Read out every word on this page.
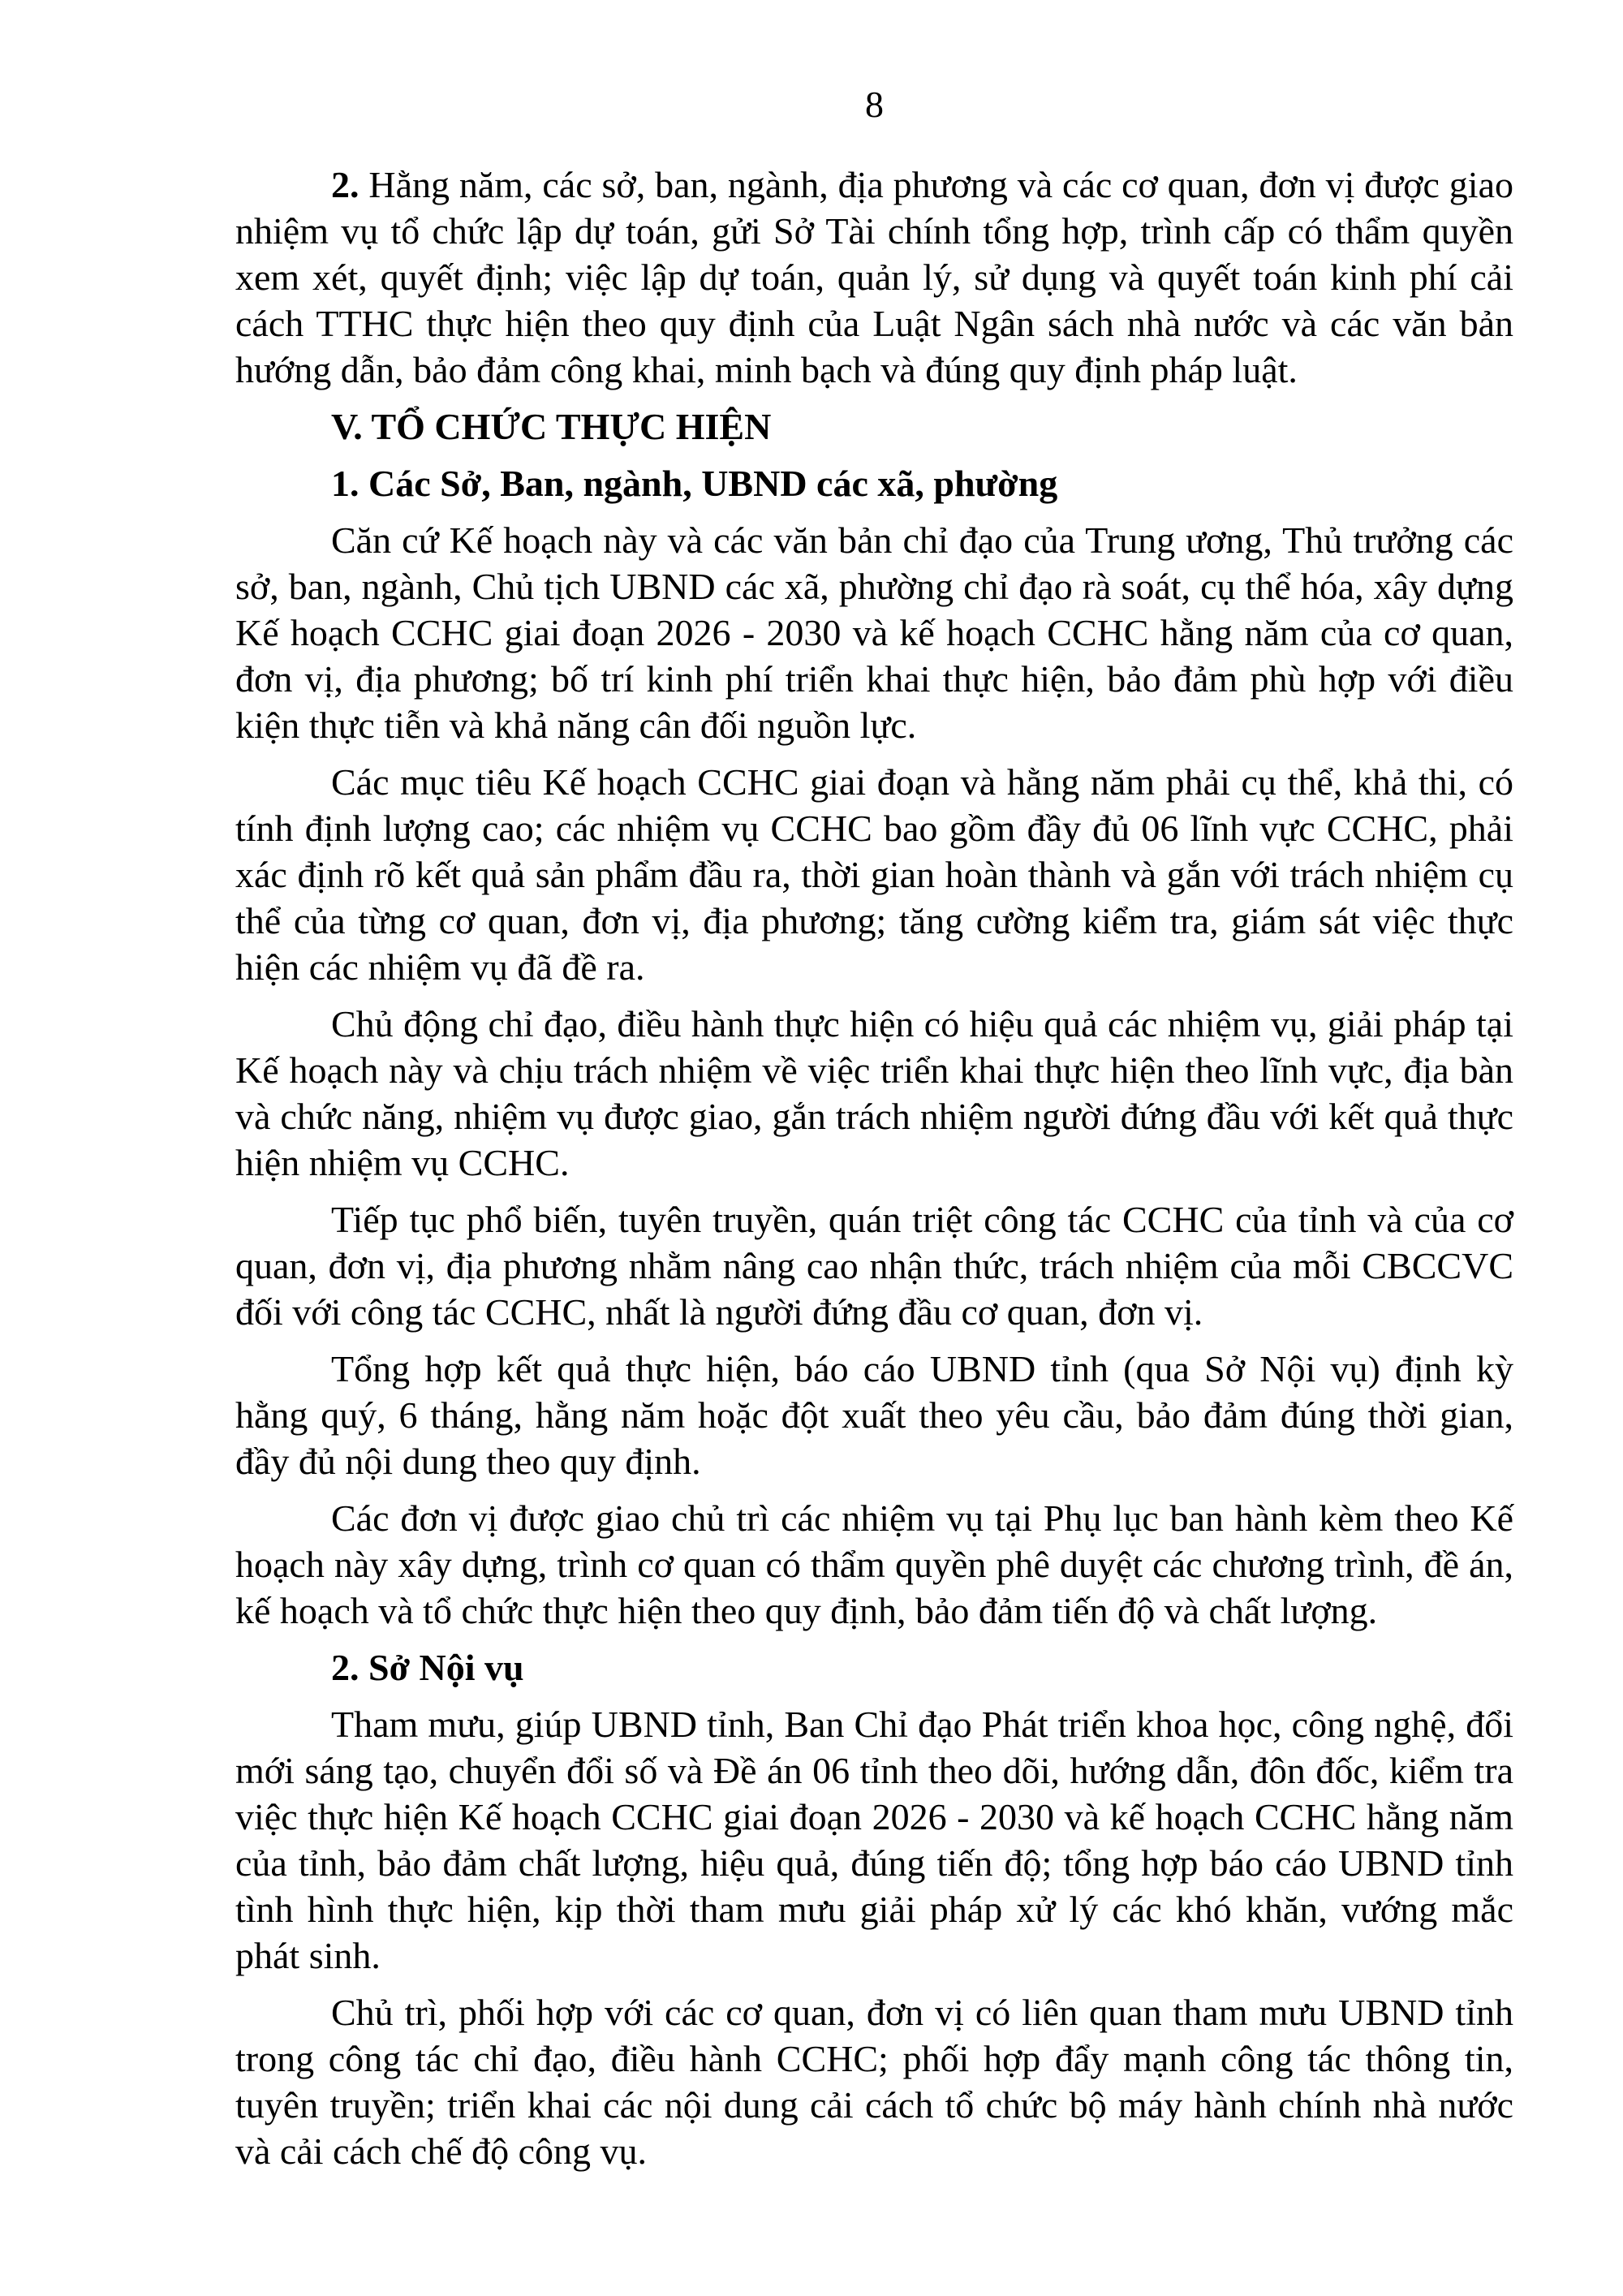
8

2. Hằng năm, các sở, ban, ngành, địa phương và các cơ quan, đơn vị được giao nhiệm vụ tổ chức lập dự toán, gửi Sở Tài chính tổng hợp, trình cấp có thẩm quyền xem xét, quyết định; việc lập dự toán, quản lý, sử dụng và quyết toán kinh phí cải cách TTHC thực hiện theo quy định của Luật Ngân sách nhà nước và các văn bản hướng dẫn, bảo đảm công khai, minh bạch và đúng quy định pháp luật.

V. TỔ CHỨC THỰC HIỆN

1. Các Sở, Ban, ngành, UBND các xã, phường

Căn cứ Kế hoạch này và các văn bản chỉ đạo của Trung ương, Thủ trưởng các sở, ban, ngành, Chủ tịch UBND các xã, phường chỉ đạo rà soát, cụ thể hóa, xây dựng Kế hoạch CCHC giai đoạn 2026 - 2030 và kế hoạch CCHC hằng năm của cơ quan, đơn vị, địa phương; bố trí kinh phí triển khai thực hiện, bảo đảm phù hợp với điều kiện thực tiễn và khả năng cân đối nguồn lực.

Các mục tiêu Kế hoạch CCHC giai đoạn và hằng năm phải cụ thể, khả thi, có tính định lượng cao; các nhiệm vụ CCHC bao gồm đầy đủ 06 lĩnh vực CCHC, phải xác định rõ kết quả sản phẩm đầu ra, thời gian hoàn thành và gắn với trách nhiệm cụ thể của từng cơ quan, đơn vị, địa phương; tăng cường kiểm tra, giám sát việc thực hiện các nhiệm vụ đã đề ra.

Chủ động chỉ đạo, điều hành thực hiện có hiệu quả các nhiệm vụ, giải pháp tại Kế hoạch này và chịu trách nhiệm về việc triển khai thực hiện theo lĩnh vực, địa bàn và chức năng, nhiệm vụ được giao, gắn trách nhiệm người đứng đầu với kết quả thực hiện nhiệm vụ CCHC.

Tiếp tục phổ biến, tuyên truyền, quán triệt công tác CCHC của tỉnh và của cơ quan, đơn vị, địa phương nhằm nâng cao nhận thức, trách nhiệm của mỗi CBCCVC đối với công tác CCHC, nhất là người đứng đầu cơ quan, đơn vị.

Tổng hợp kết quả thực hiện, báo cáo UBND tỉnh (qua Sở Nội vụ) định kỳ hằng quý, 6 tháng, hằng năm hoặc đột xuất theo yêu cầu, bảo đảm đúng thời gian, đầy đủ nội dung theo quy định.

Các đơn vị được giao chủ trì các nhiệm vụ tại Phụ lục ban hành kèm theo Kế hoạch này xây dựng, trình cơ quan có thẩm quyền phê duyệt các chương trình, đề án, kế hoạch và tổ chức thực hiện theo quy định, bảo đảm tiến độ và chất lượng.

2. Sở Nội vụ

Tham mưu, giúp UBND tỉnh, Ban Chỉ đạo Phát triển khoa học, công nghệ, đổi mới sáng tạo, chuyển đổi số và Đề án 06 tỉnh theo dõi, hướng dẫn, đôn đốc, kiểm tra việc thực hiện Kế hoạch CCHC giai đoạn 2026 - 2030 và kế hoạch CCHC hằng năm của tỉnh, bảo đảm chất lượng, hiệu quả, đúng tiến độ; tổng hợp báo cáo UBND tỉnh tình hình thực hiện, kịp thời tham mưu giải pháp xử lý các khó khăn, vướng mắc phát sinh.

Chủ trì, phối hợp với các cơ quan, đơn vị có liên quan tham mưu UBND tỉnh trong công tác chỉ đạo, điều hành CCHC; phối hợp đẩy mạnh công tác thông tin, tuyên truyền; triển khai các nội dung cải cách tổ chức bộ máy hành chính nhà nước và cải cách chế độ công vụ.
